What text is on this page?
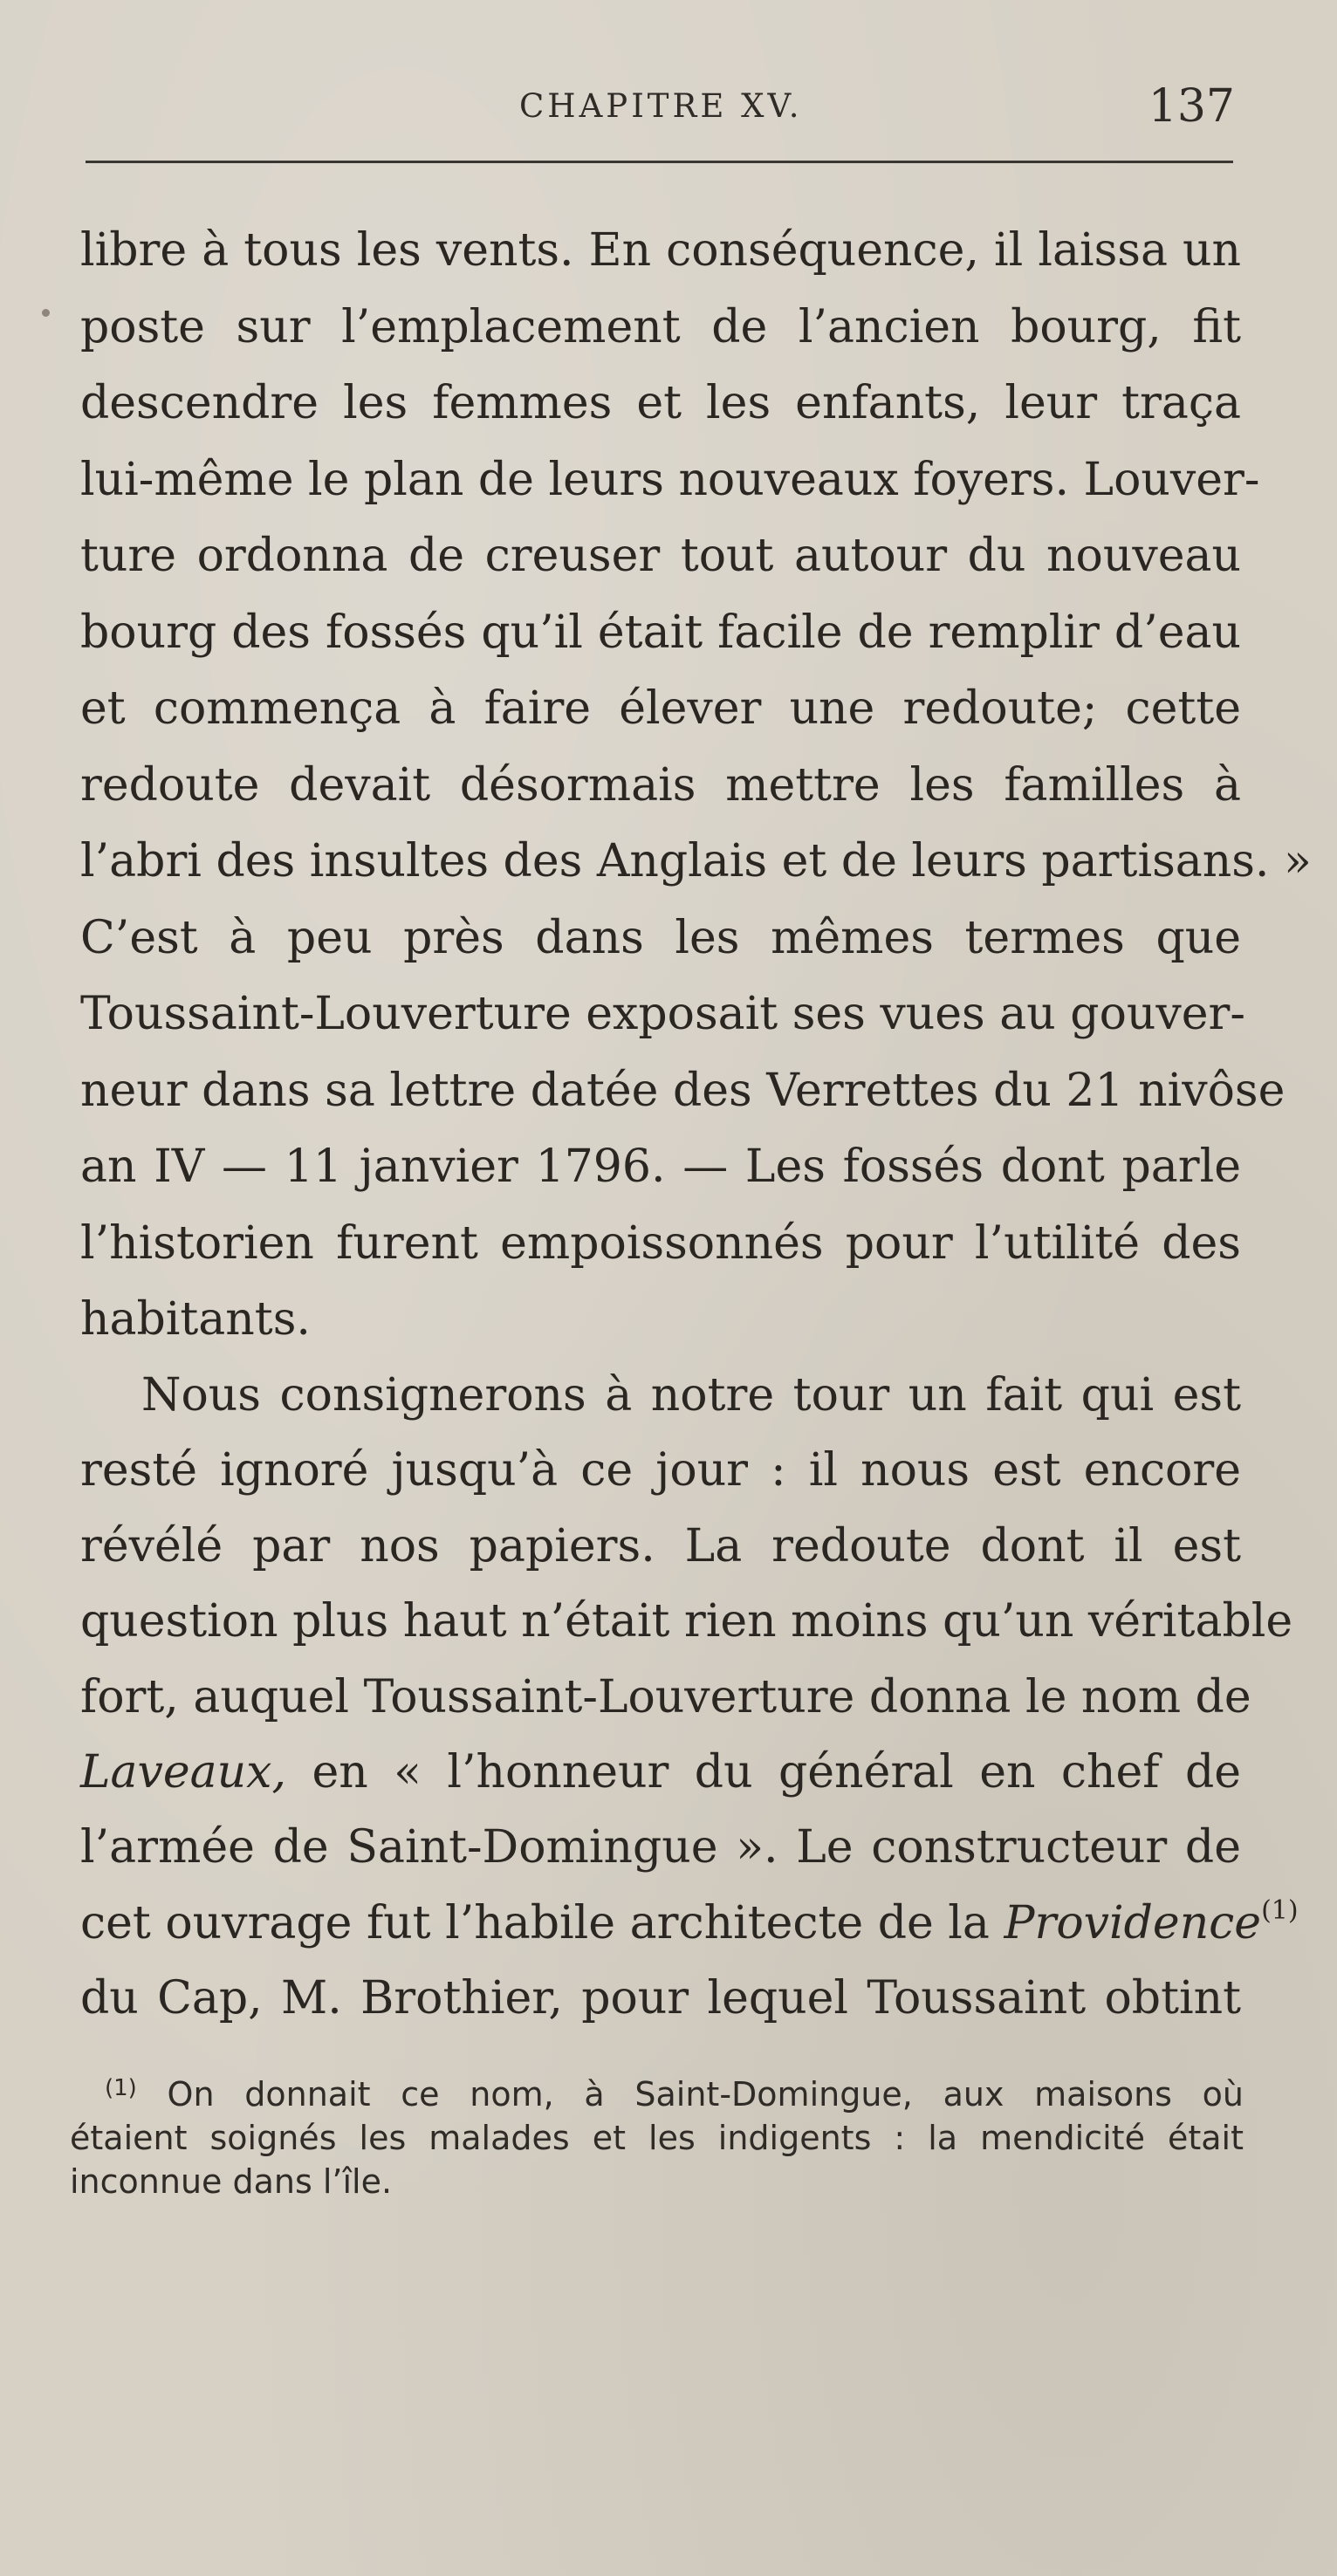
CHAPITRE XV.	137
libre à tous les vents. En conséquence, il laissa un
poste sur l’emplacement de l’ancien bourg, fit
descendre les femmes et les enfants, leur traça
lui-même le plan de leurs nouveaux foyers. Louver-
ture ordonna de creuser tout autour du nouveau
bourg des fossés qu’il était facile de remplir d’eau
et commença à faire élever une redoute; cette
redoute devait désormais mettre les familles à
l’abri des insultes des Anglais et de leurs partisans. »
C’est à peu près dans les mêmes termes que
Toussaint-Louverture exposait ses vues au gouver-
neur dans sa lettre datée des Verrettes du 21 nivôse
an IV — 11 janvier 1796. — Les fossés dont parle
l’historien furent empoissonnés pour l’utilité des
habitants.
Nous consignerons à notre tour un fait qui est
resté ignoré jusqu’à ce jour : il nous est encore
révélé par nos papiers. La redoute dont il est
question plus haut n’était rien moins qu’un véritable
fort, auquel Toussaint-Louverture donna le nom de
Laveaux, en « l’honneur du général en chef de
l’armée de Saint-Domingue ». Le constructeur de
cet ouvrage fut l’habile architecte de la Providence$^{(1)}$
du Cap, M. Brothier, pour lequel Toussaint obtint
$^{(1)}$ On donnait ce nom, à Saint-Domingue, aux maisons où
étaient soignés les malades et les indigents : la mendicité était
inconnue dans l’île.
